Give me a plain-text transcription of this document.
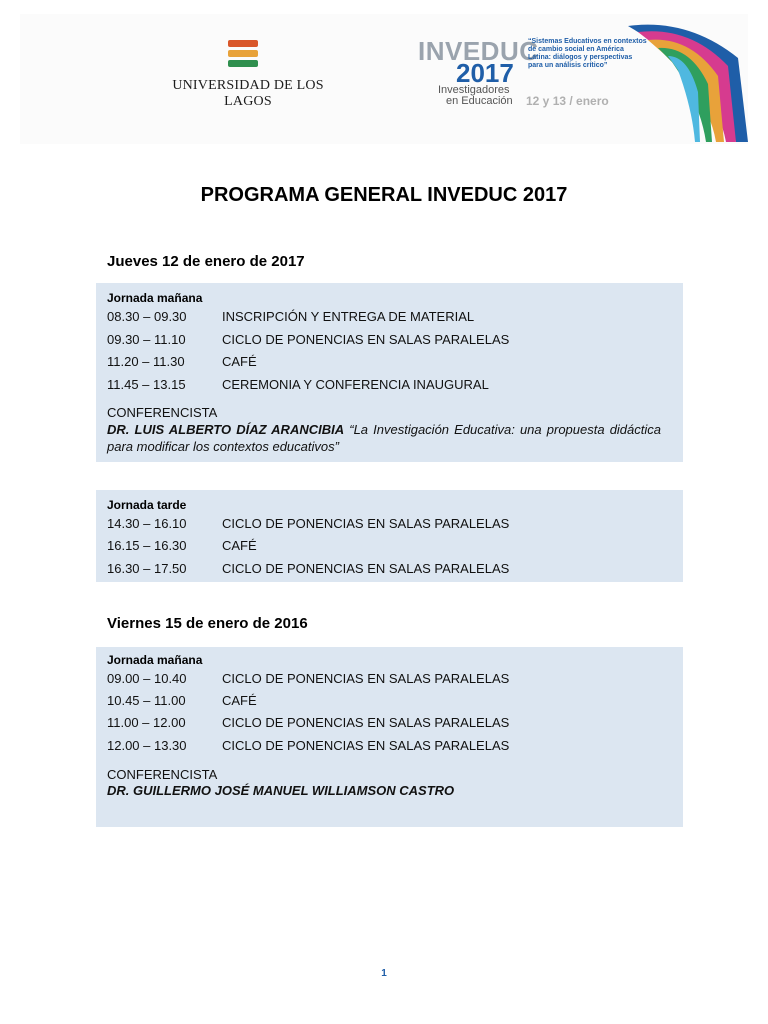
UNIVERSIDAD DE LOS LAGOS
INVEDUC
2017
Investigadores
en Educación
“Sistemas Educativos en contextos de cambio social en América Latina: diálogos y perspectivas para un análisis crítico”
12 y 13 / enero
PROGRAMA GENERAL INVEDUC 2017
Jueves 12 de enero de 2017
Jornada mañana
08.30 – 09.30	INSCRIPCIÓN Y ENTREGA DE MATERIAL
09.30 – 11.10	CICLO DE PONENCIAS EN SALAS PARALELAS
11.20 – 11.30	CAFÉ
11.45 – 13.15	CEREMONIA Y CONFERENCIA INAUGURAL
CONFERENCISTA
DR. LUIS ALBERTO DÍAZ ARANCIBIA “La Investigación Educativa: una propuesta didáctica para modificar los contextos educativos”
Jornada tarde
14.30 – 16.10	CICLO DE PONENCIAS EN SALAS PARALELAS
16.15 – 16.30	CAFÉ
16.30 – 17.50	CICLO DE PONENCIAS EN SALAS PARALELAS
Viernes 15 de enero de 2016
Jornada mañana
09.00 – 10.40	CICLO DE PONENCIAS EN SALAS PARALELAS
10.45 – 11.00	CAFÉ
11.00 – 12.00	CICLO DE PONENCIAS EN SALAS PARALELAS
12.00 – 13.30	CICLO DE PONENCIAS EN SALAS PARALELAS
CONFERENCISTA
DR. GUILLERMO JOSÉ MANUEL WILLIAMSON CASTRO
1
